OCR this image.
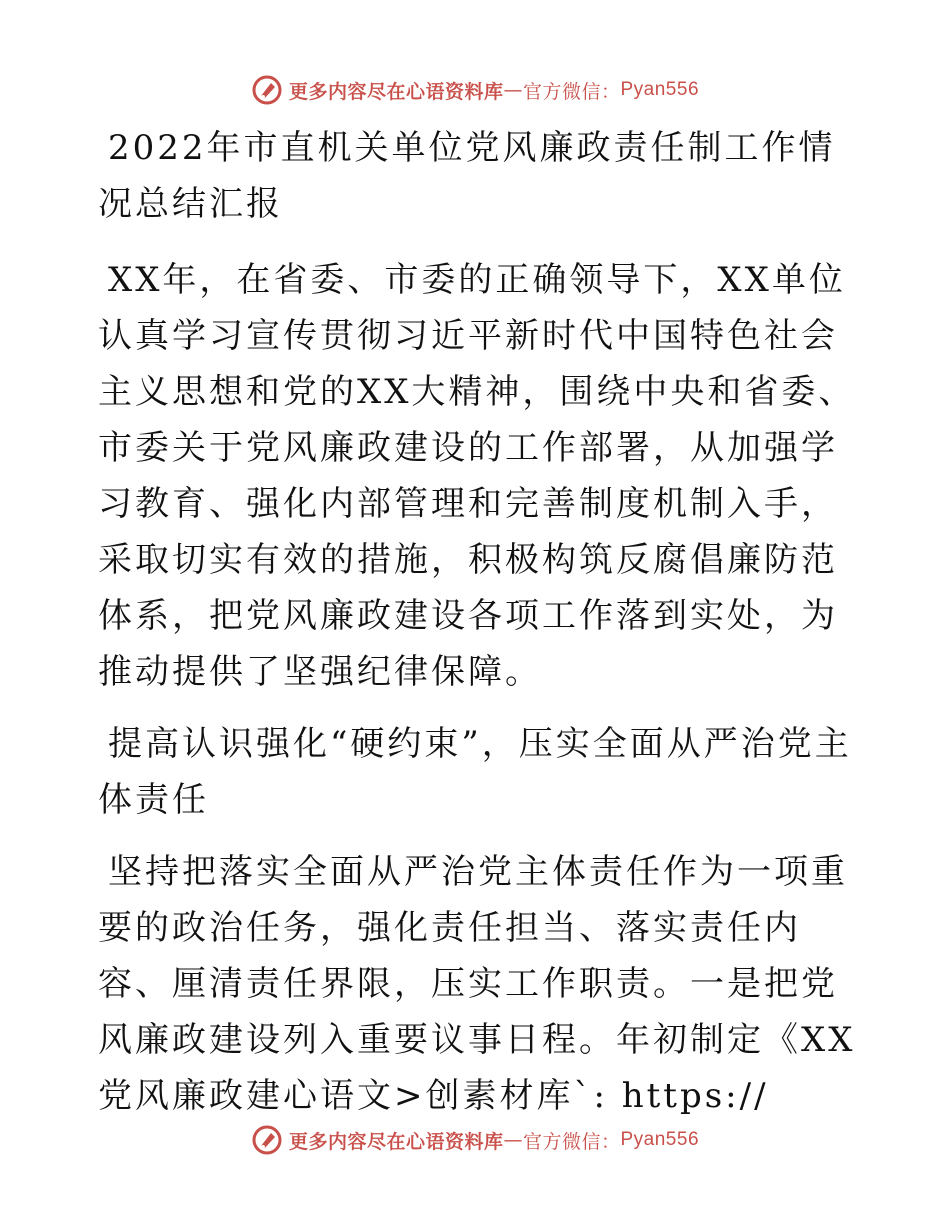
更多内容尽在心语资料库 — 官方微信： Pyan556

2022年市直机关单位党风廉政责任制工作情况总结汇报

XX年，在省委、市委的正确领导下，XX单位认真学习宣传贯彻习近平新时代中国特色社会主义思想和党的XX大精神，围绕中央和省委、市委关于党风廉政建设的工作部署，从加强学习教育、强化内部管理和完善制度机制入手，采取切实有效的措施，积极构筑反腐倡廉防范体系，把党风廉政建设各项工作落到实处，为推动提供了坚强纪律保障。

提高认识强化“硬约束”，压实全面从严治党主体责任

坚持把落实全面从严治党主体责任作为一项重要的政治任务，强化责任担当、落实责任内容、厘清责任界限，压实工作职责。一是把党风廉政建设列入重要议事日程。年初制定《XX党风廉政建心语文>创素材库`: https://

更多内容尽在心语资料库 — 官方微信： Pyan556
